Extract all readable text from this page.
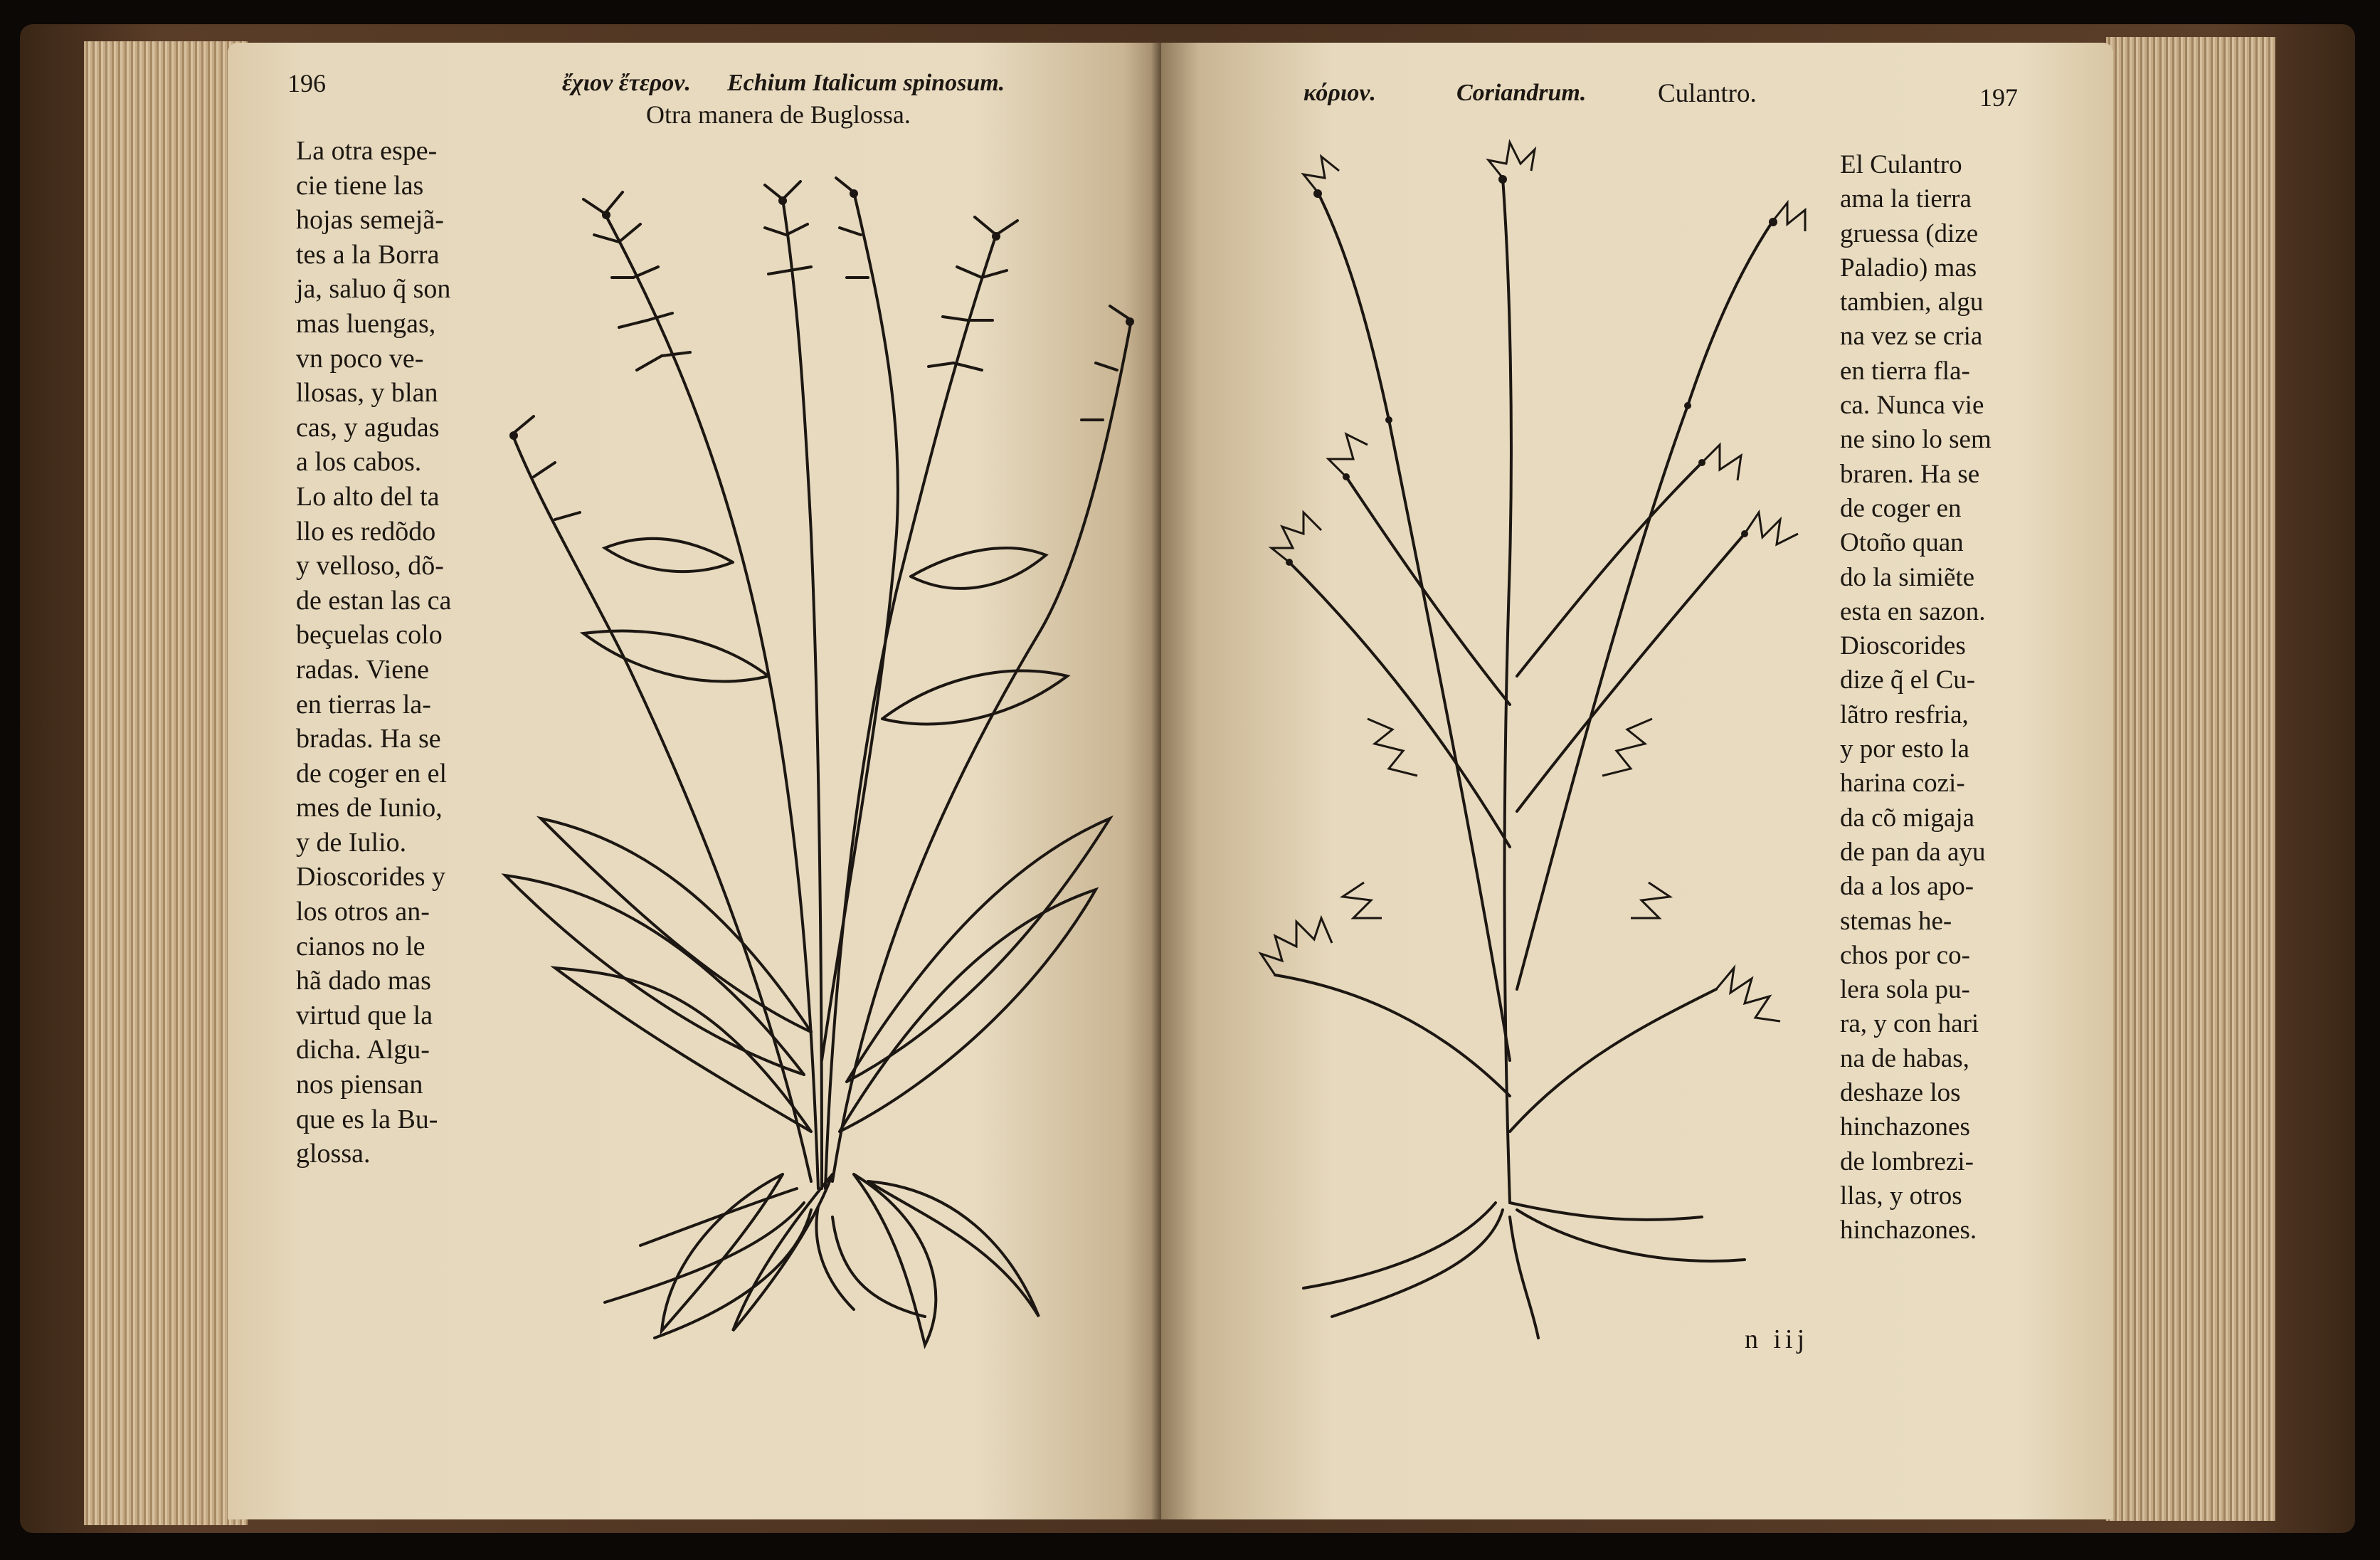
196	ἔχιον ἔτερον. Echium Italicum spinosum.
Otra manera de Buglossa.
La otra espe-
cie tiene las
hojas semejã-
tes a la Borra
ja, saluo q̃ son
mas luengas,
vn poco ve-
llosas, y blan
cas, y agudas
a los cabos.
Lo alto del ta
llo es redõdo
y velloso, dõ-
de estan las ca
beçuelas colo
radas. Viene
en tierras la-
bradas. Ha se
de coger en el
mes de Iunio,
y de Iulio.
Dioscorides y
los otros an-
cianos no le
hã dado mas
virtud que la
dicha. Algu-
nos piensan
que es la Bu-
glossa.
κόριον.	Coriandrum.	Culantro.	197
El Culantro
ama la tierra
gruessa (dize
Paladio) mas
tambien, algu
na vez se cria
en tierra fla-
ca. Nunca vie
ne sino lo sem
braren. Ha se
de coger en
Otoño quan
do la simiẽte
esta en sazon.
Dioscorides
dize q̃ el Cu-
lãtro resfria,
y por esto la
harina cozi-
da cõ migaja
de pan da ayu
da a los apo-
stemas he-
chos por co-
lera sola pu-
ra, y con hari
na de habas,
deshaze los
hinchazones
de lombrezi-
llas, y otros
hinchazones.
n iij
